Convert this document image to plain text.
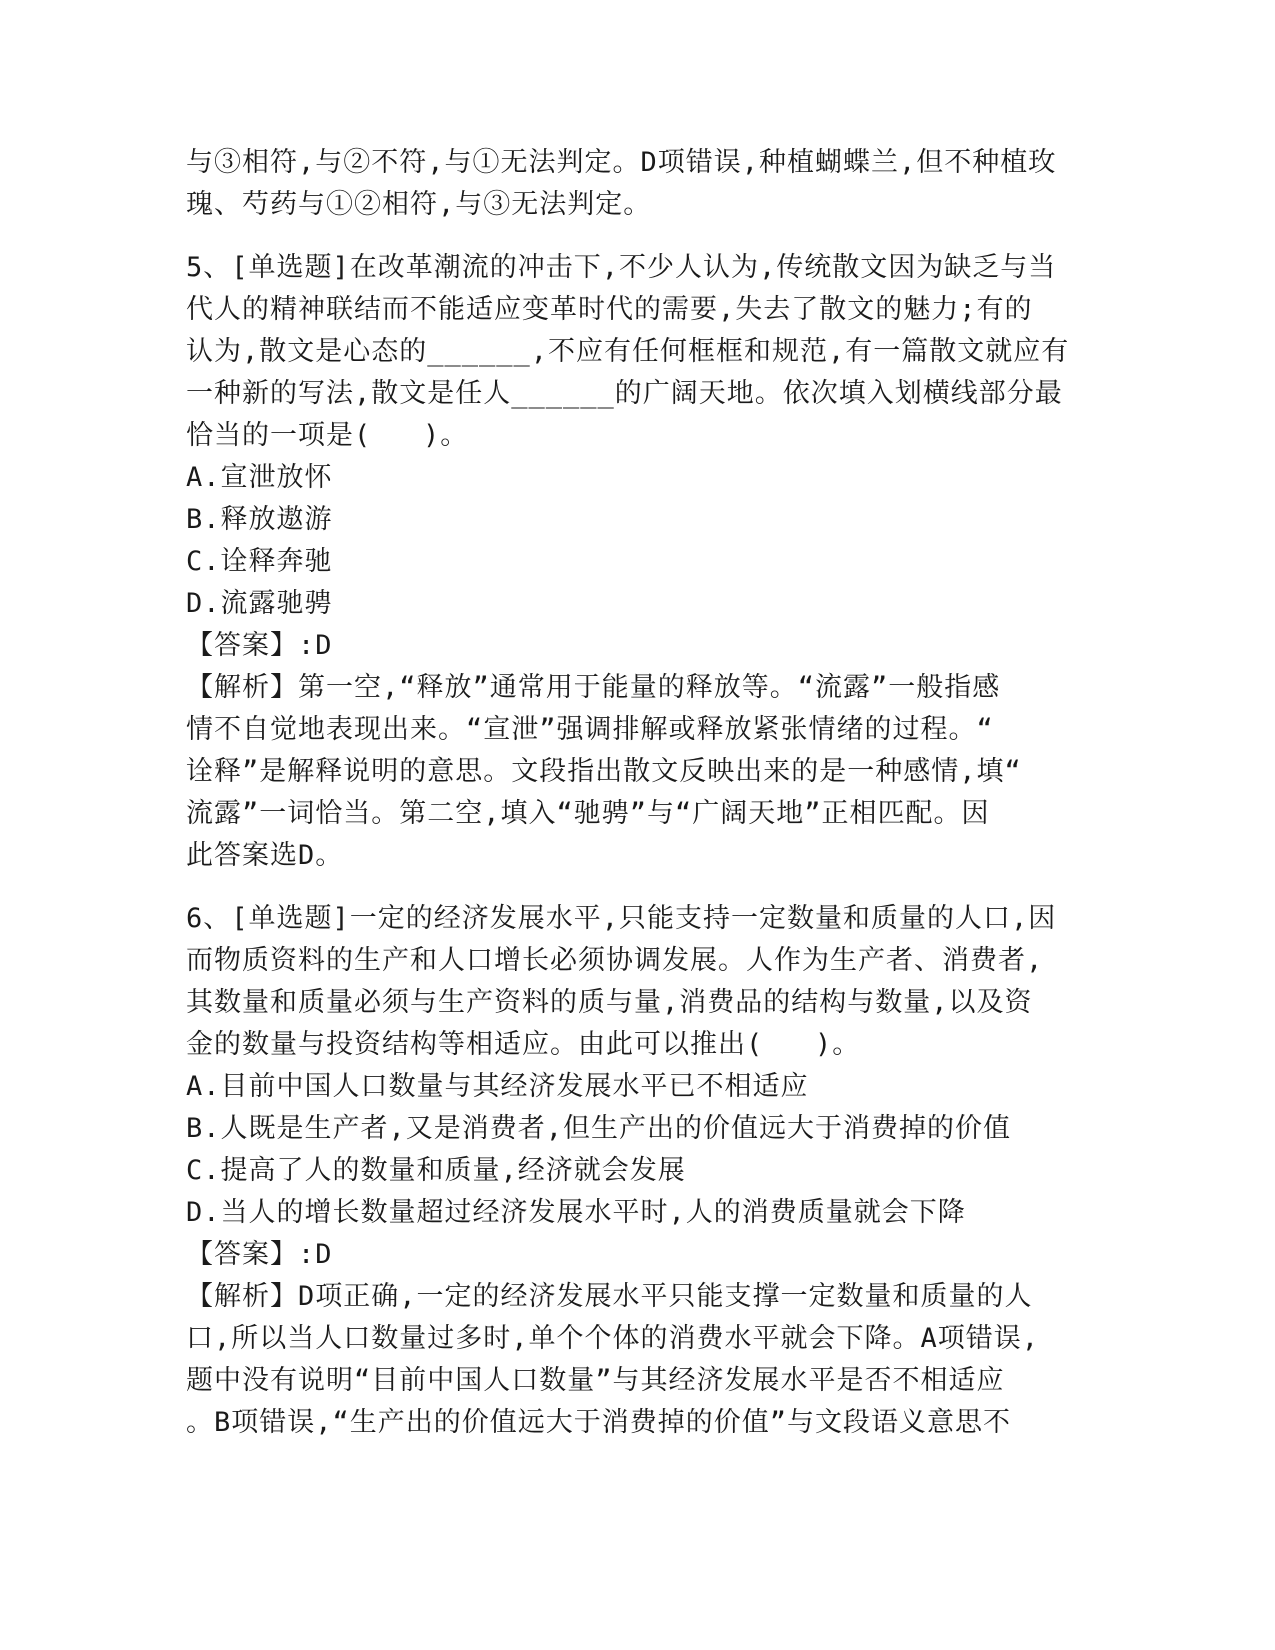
与③相符,与②不符,与①无法判定。D项错误,种植蝴蝶兰,但不种植玫
瑰、芍药与①②相符,与③无法判定。
5、[单选题]在改革潮流的冲击下,不少人认为,传统散文因为缺乏与当
代人的精神联结而不能适应变革时代的需要,失去了散文的魅力;有的
认为,散文是心态的______,不应有任何框框和规范,有一篇散文就应有
一种新的写法,散文是任人______的广阔天地。依次填入划横线部分最
恰当的一项是(   )。
A.宣泄放怀
B.释放遨游
C.诠释奔驰
D.流露驰骋
【答案】:D
【解析】第一空,“释放”通常用于能量的释放等。“流露”一般指感
情不自觉地表现出来。“宣泄”强调排解或释放紧张情绪的过程。“
诠释”是解释说明的意思。文段指出散文反映出来的是一种感情,填“
流露”一词恰当。第二空,填入“驰骋”与“广阔天地”正相匹配。因
此答案选D。
6、[单选题]一定的经济发展水平,只能支持一定数量和质量的人口,因
而物质资料的生产和人口增长必须协调发展。人作为生产者、消费者,
其数量和质量必须与生产资料的质与量,消费品的结构与数量,以及资
金的数量与投资结构等相适应。由此可以推出(   )。
A.目前中国人口数量与其经济发展水平已不相适应
B.人既是生产者,又是消费者,但生产出的价值远大于消费掉的价值
C.提高了人的数量和质量,经济就会发展
D.当人的增长数量超过经济发展水平时,人的消费质量就会下降
【答案】:D
【解析】D项正确,一定的经济发展水平只能支撑一定数量和质量的人
口,所以当人口数量过多时,单个个体的消费水平就会下降。A项错误,
题中没有说明“目前中国人口数量”与其经济发展水平是否不相适应
。B项错误,“生产出的价值远大于消费掉的价值”与文段语义意思不
